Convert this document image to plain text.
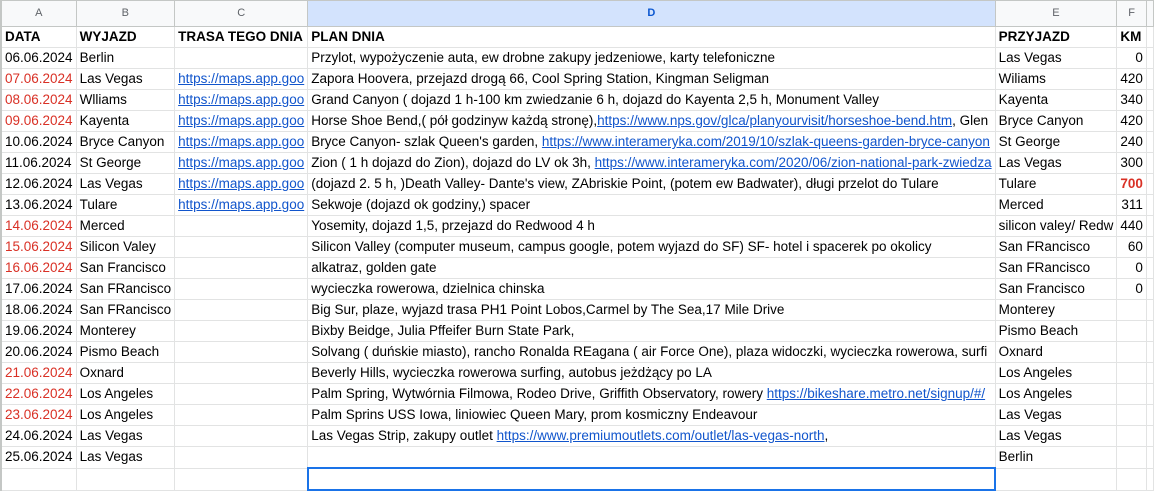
	A	B	C	D	E	F	
	DATA	WYJAZD	TRASA TEGO DNIA	PLAN DNIA	PRZYJAZD	KM	
	06.06.2024	Berlin		Przylot, wypożyczenie auta, ew drobne zakupy jedzeniowe, karty telefoniczne	Las Vegas	0	
	07.06.2024	Las Vegas	https://maps.app.goo	Zapora Hoovera, przejazd drogą 66, Cool Spring Station, Kingman Seligman	Wiliams	420	
	08.06.2024	Wlliams	https://maps.app.goo	Grand Canyon ( dojazd 1 h-100 km zwiedzanie 6 h, dojazd do Kayenta 2,5 h, Monument Valley	Kayenta	340	
	09.06.2024	Kayenta	https://maps.app.goo	Horse Shoe Bend,( pół godzinyw każdą stronę),https://www.nps.gov/glca/planyourvisit/horseshoe-bend.htm, Glen	Bryce Canyon	420	
	10.06.2024	Bryce Canyon	https://maps.app.goo	Bryce Canyon- szlak Queen's garden, https://www.interameryka.com/2019/10/szlak-queens-garden-bryce-canyon	St George	240	
	11.06.2024	St George	https://maps.app.goo	Zion ( 1 h dojazd do Zion), dojazd do LV ok 3h, https://www.interameryka.com/2020/06/zion-national-park-zwiedza	Las Vegas	300	
	12.06.2024	Las Vegas	https://maps.app.goo	(dojazd 2. 5 h, )Death Valley- Dante's view, ZAbriskie Point, (potem ew Badwater), długi przelot do Tulare	Tulare	700	
	13.06.2024	Tulare	https://maps.app.goo	Sekwoje (dojazd ok godziny,) spacer	Merced	311	
	14.06.2024	Merced		Yosemity, dojazd 1,5, przejazd do Redwood 4 h	silicon valey/ Redw	440	
	15.06.2024	Silicon Valey		Silicon Valley (computer museum, campus google, potem wyjazd do SF) SF- hotel i spacerek po okolicy	San FRancisco	60	
	16.06.2024	San Francisco		alkatraz, golden gate	San FRancisco	0	
	17.06.2024	San FRancisco		wycieczka rowerowa, dzielnica chinska	San Francisco	0	
	18.06.2024	San FRancisco		Big Sur, plaze, wyjazd trasa PH1 Point Lobos,Carmel by The Sea,17 Mile Drive	Monterey		
	19.06.2024	Monterey		Bixby Beidge, Julia Pffeifer Burn State Park,	Pismo Beach		
	20.06.2024	Pismo Beach		Solvang ( duńskie miasto), rancho Ronalda REagana ( air Force One), plaza widoczki, wycieczka rowerowa, surfi	Oxnard		
	21.06.2024	Oxnard		Beverly Hills, wycieczka rowerowa surfing, autobus jeżdżący po LA	Los Angeles		
	22.06.2024	Los Angeles		Palm Spring, Wytwórnia Filmowa, Rodeo Drive, Griffith Observatory, rowery https://bikeshare.metro.net/signup/#/	Los Angeles		
	23.06.2024	Los Angeles		Palm Sprins USS Iowa, liniowiec Queen Mary, prom kosmiczny Endeavour	Las Vegas		
	24.06.2024	Las Vegas		Las Vegas Strip, zakupy outlet https://www.premiumoutlets.com/outlet/las-vegas-north,	Las Vegas		
	25.06.2024	Las Vegas			Berlin		
